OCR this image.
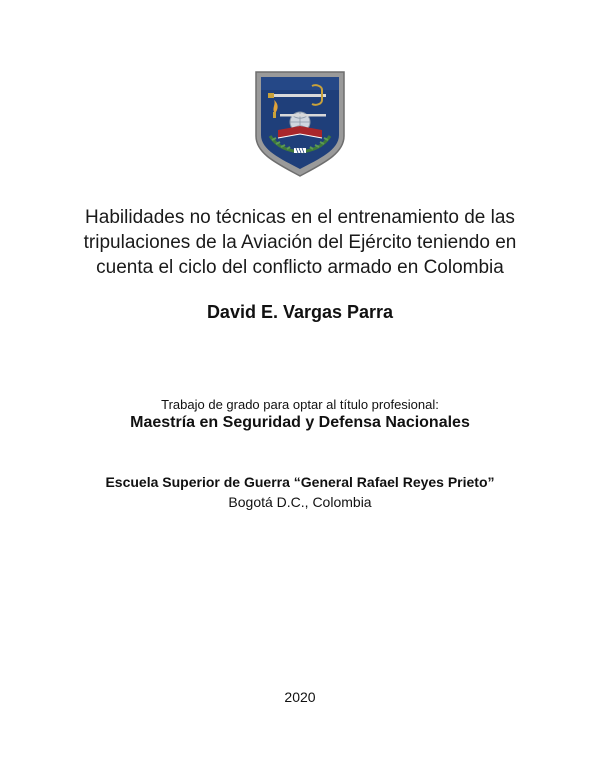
Habilidades no técnicas en el entrenamiento de las
tripulaciones de la Aviación del Ejército teniendo en
cuenta el ciclo del conflicto armado en Colombia
David E. Vargas Parra
Trabajo de grado para optar al título profesional:
Maestría en Seguridad y Defensa Nacionales
Escuela Superior de Guerra “General Rafael Reyes Prieto”
Bogotá D.C., Colombia
2020
